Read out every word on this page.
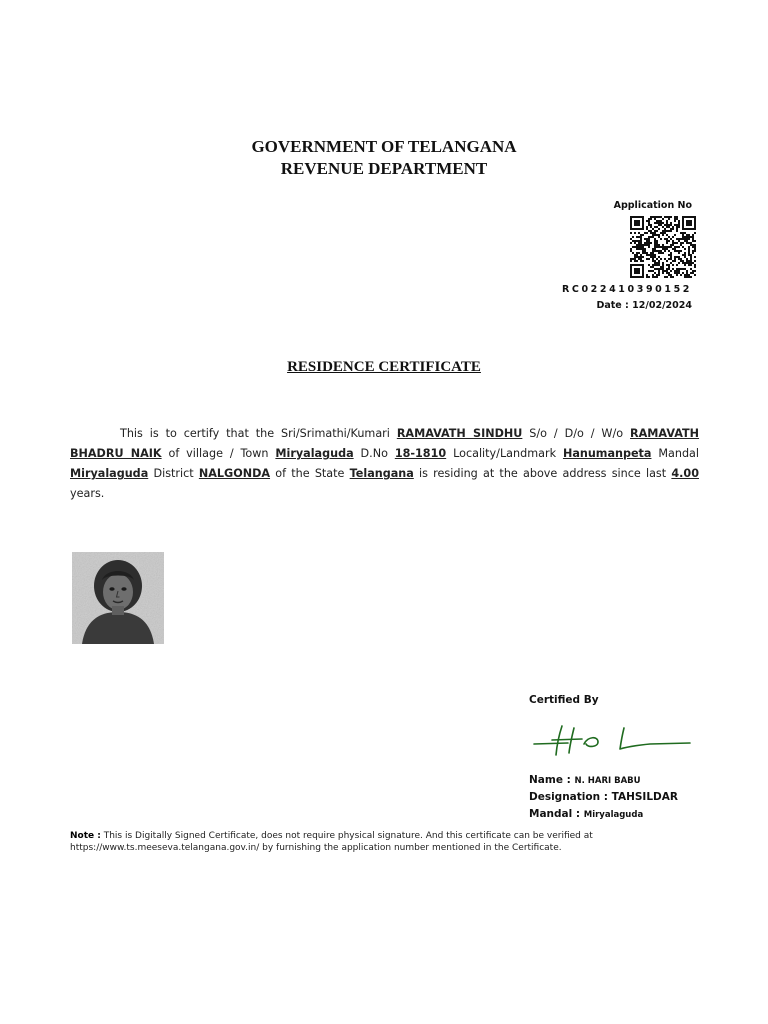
GOVERNMENT OF TELANGANA
REVENUE DEPARTMENT
Application No
RC022410390152
Date : 12/02/2024
RESIDENCE CERTIFICATE
This is to certify that the Sri/Srimathi/Kumari RAMAVATH SINDHU S/o / D/o / W/o RAMAVATH BHADRU NAIK of village / Town Miryalaguda D.No 18-1810 Locality/Landmark Hanumanpeta Mandal Miryalaguda District NALGONDA of the State Telangana is residing at the above address since last 4.00 years.
Certified By
Name : N. HARI BABU
Designation : TAHSILDAR
Mandal : Miryalaguda
Note : This is Digitally Signed Certificate, does not require physical signature. And this certificate can be verified at https://www.ts.meeseva.telangana.gov.in/ by furnishing the application number mentioned in the Certificate.
